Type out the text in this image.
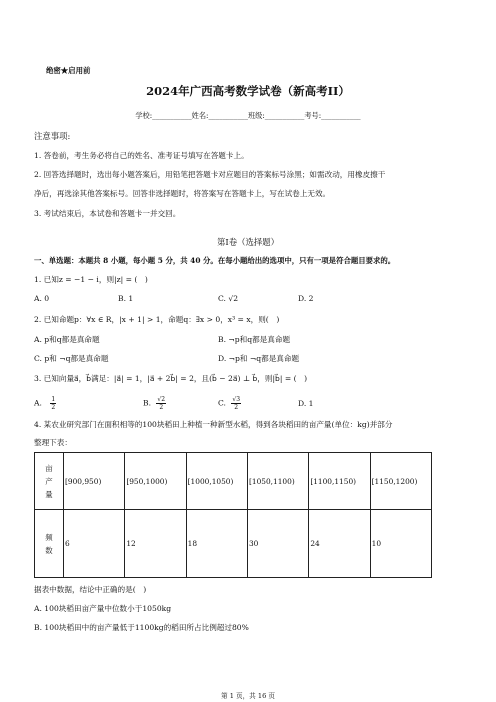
绝密★启用前
2024年广西高考数学试卷（新高考II）
学校:___________姓名:___________班级:___________考号:___________
注意事项:
1. 答卷前，考生务必将自己的姓名、准考证号填写在答题卡上。
2. 回答选择题时，选出每小题答案后，用铅笔把答题卡对应题目的答案标号涂黑；如需改动，用橡皮擦干
净后，再选涂其他答案标号。回答非选择题时，将答案写在答题卡上，写在试卷上无效。
3. 考试结束后，本试卷和答题卡一并交回。
第I卷（选择题）
一、单选题：本题共 8 小题，每小题 5 分，共 40 分。在每小题给出的选项中，只有一项是符合题目要求的。
1. 已知z = −1 − i，则|z| = (　)
A. 0	B. 1	C. √2	D. 2
2. 已知命题p：∀x ∈ R，|x + 1| > 1，命题q：∃x > 0，x³ = x，则(　)
A. p和q都是真命题	B. ¬p和q都是真命题
C. p和 ¬q都是真命题	D. ¬p和 ¬q都是真命题
3. 已知向量a⃗，b⃗满足：|a⃗| = 1，|a⃗ + 2b⃗| = 2，且(b⃗ − 2a⃗) ⊥ b⃗，则|b⃗| = (　)
A. $\frac{1}{2}$	B. $\frac{√2}{2}$	C. $\frac{√3}{2}$	D. 1
4. 某农业研究部门在面积相等的100块稻田上种植一种新型水稻，得到各块稻田的亩产量(单位：kg)并部分
整理下表：
亩
产
量	[900,950)	[950,1000)	[1000,1050)	[1050,1100)	[1100,1150)	[1150,1200)
频
数	6	12	18	30	24	10
据表中数据，结论中正确的是(　)
A. 100块稻田亩产量中位数小于1050kg
B. 100块稻田中的亩产量低于1100kg的稻田所占比例超过80%
第 1 页，共 16 页
